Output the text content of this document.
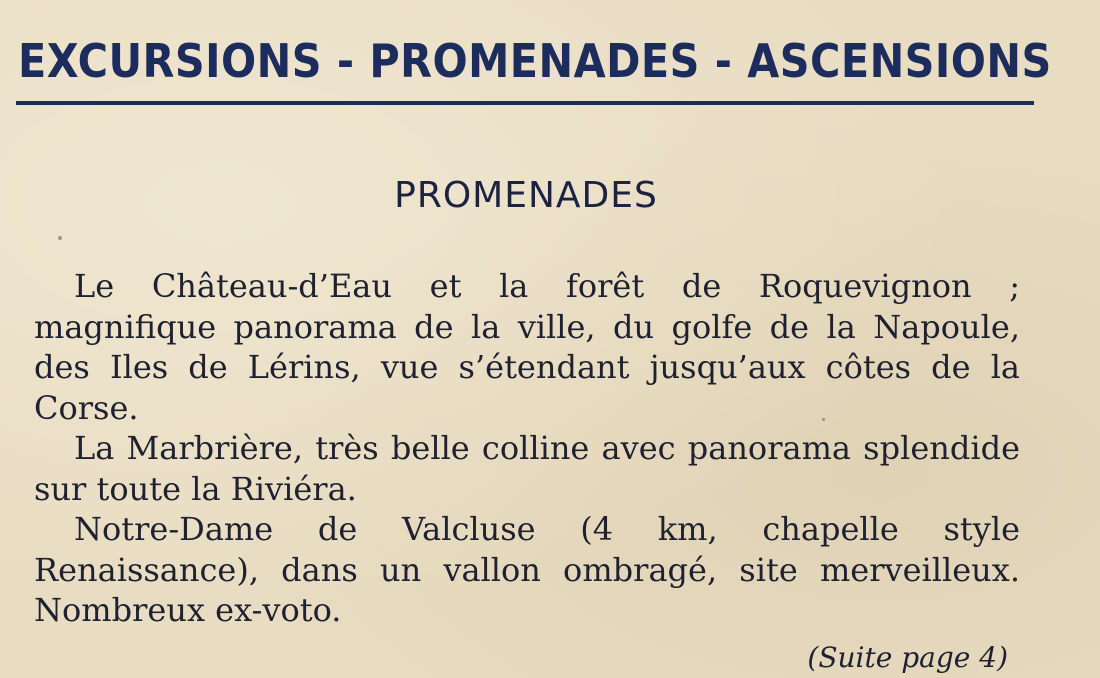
EXCURSIONS - PROMENADES - ASCENSIONS
PROMENADES

Le Château-d’Eau et la forêt de Roquevignon ; magnifique panorama de la ville, du golfe de la Napoule, des Iles de Lérins, vue s’étendant jusqu’aux côtes de la Corse.

La Marbrière, très belle colline avec panorama splendide sur toute la Riviéra.

Notre-Dame de Valcluse (4 km, chapelle style Renaissance), dans un vallon ombragé, site merveilleux. Nombreux ex-voto.

(Suite page 4)
